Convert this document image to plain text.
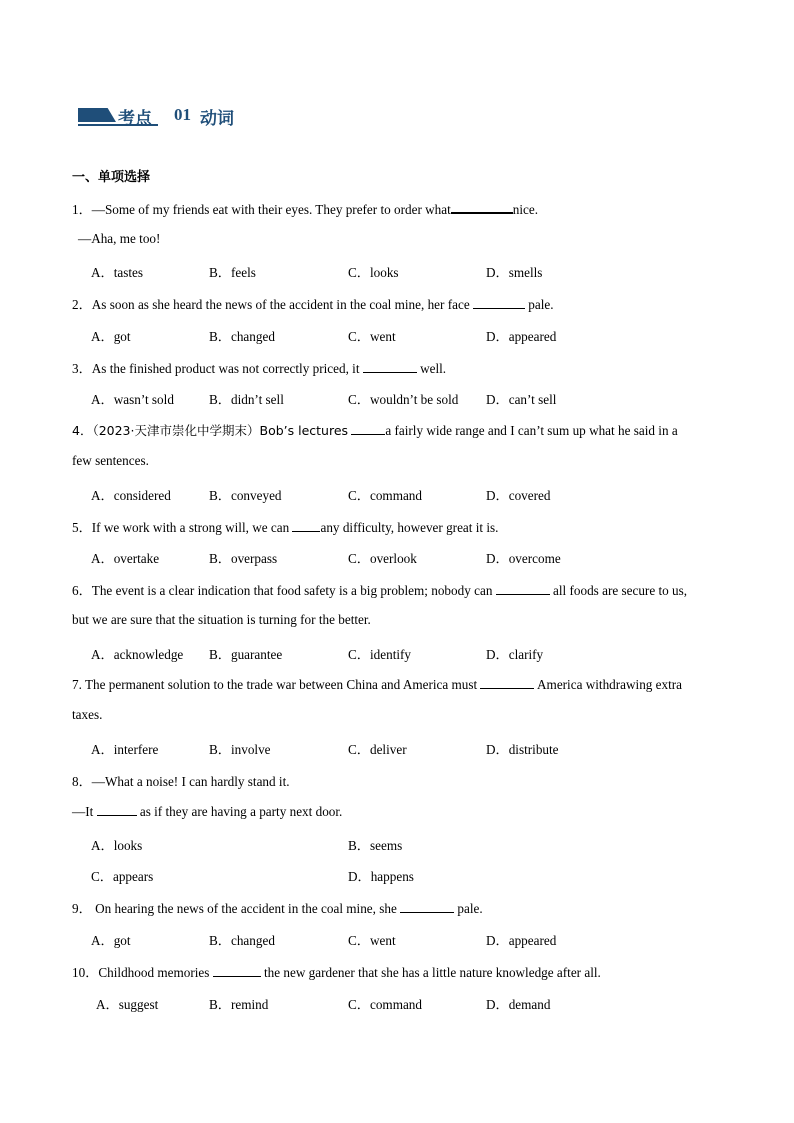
考点 01 动词
一、单项选择
1．—Some of my friends eat with their eyes. They prefer to order what	nice.
—Aha, me too!
A．tastes	B．feels	C．looks	D．smells
2．As soon as she heard the news of the accident in the coal mine, her face	pale.
A．got	B．changed	C．went	D．appeared
3．As the finished product was not correctly priced, it	well.
A．wasn’t sold	B．didn’t sell	C．wouldn’t be sold D．can’t sell
4．（2023·天津市崇化中学期末）Bob’s lectures	a fairly wide range and I can’t sum up what he said in a
few sentences.
A．considered	B．conveyed	C．command	D．covered
5．If we work with a strong will, we can any difficulty, however great it is.
A．overtake	B．overpass	C．overlook	D．overcome
6．The event is a clear indication that food safety is a big problem; nobody can	all foods are secure to us,
but we are sure that the situation is turning for the better.
A．acknowledge B．guarantee	C．identify	D．clarify
7. The permanent solution to the trade war between China and America must	America withdrawing extra
taxes.
A．interfere	B．involve	C．deliver	D．distribute
8．—What a noise! I can hardly stand it.
—It	as if they are having a party next door.
A．looks	B．seems
C．appears	D．happens
9． On hearing the news of the accident in the coal mine, she	pale.
A．got	B．changed	C．went	D．appeared
10．Childhood memories	the new gardener that she has a little nature knowledge after all.
A．suggest	B．remind	C．command	D．demand
